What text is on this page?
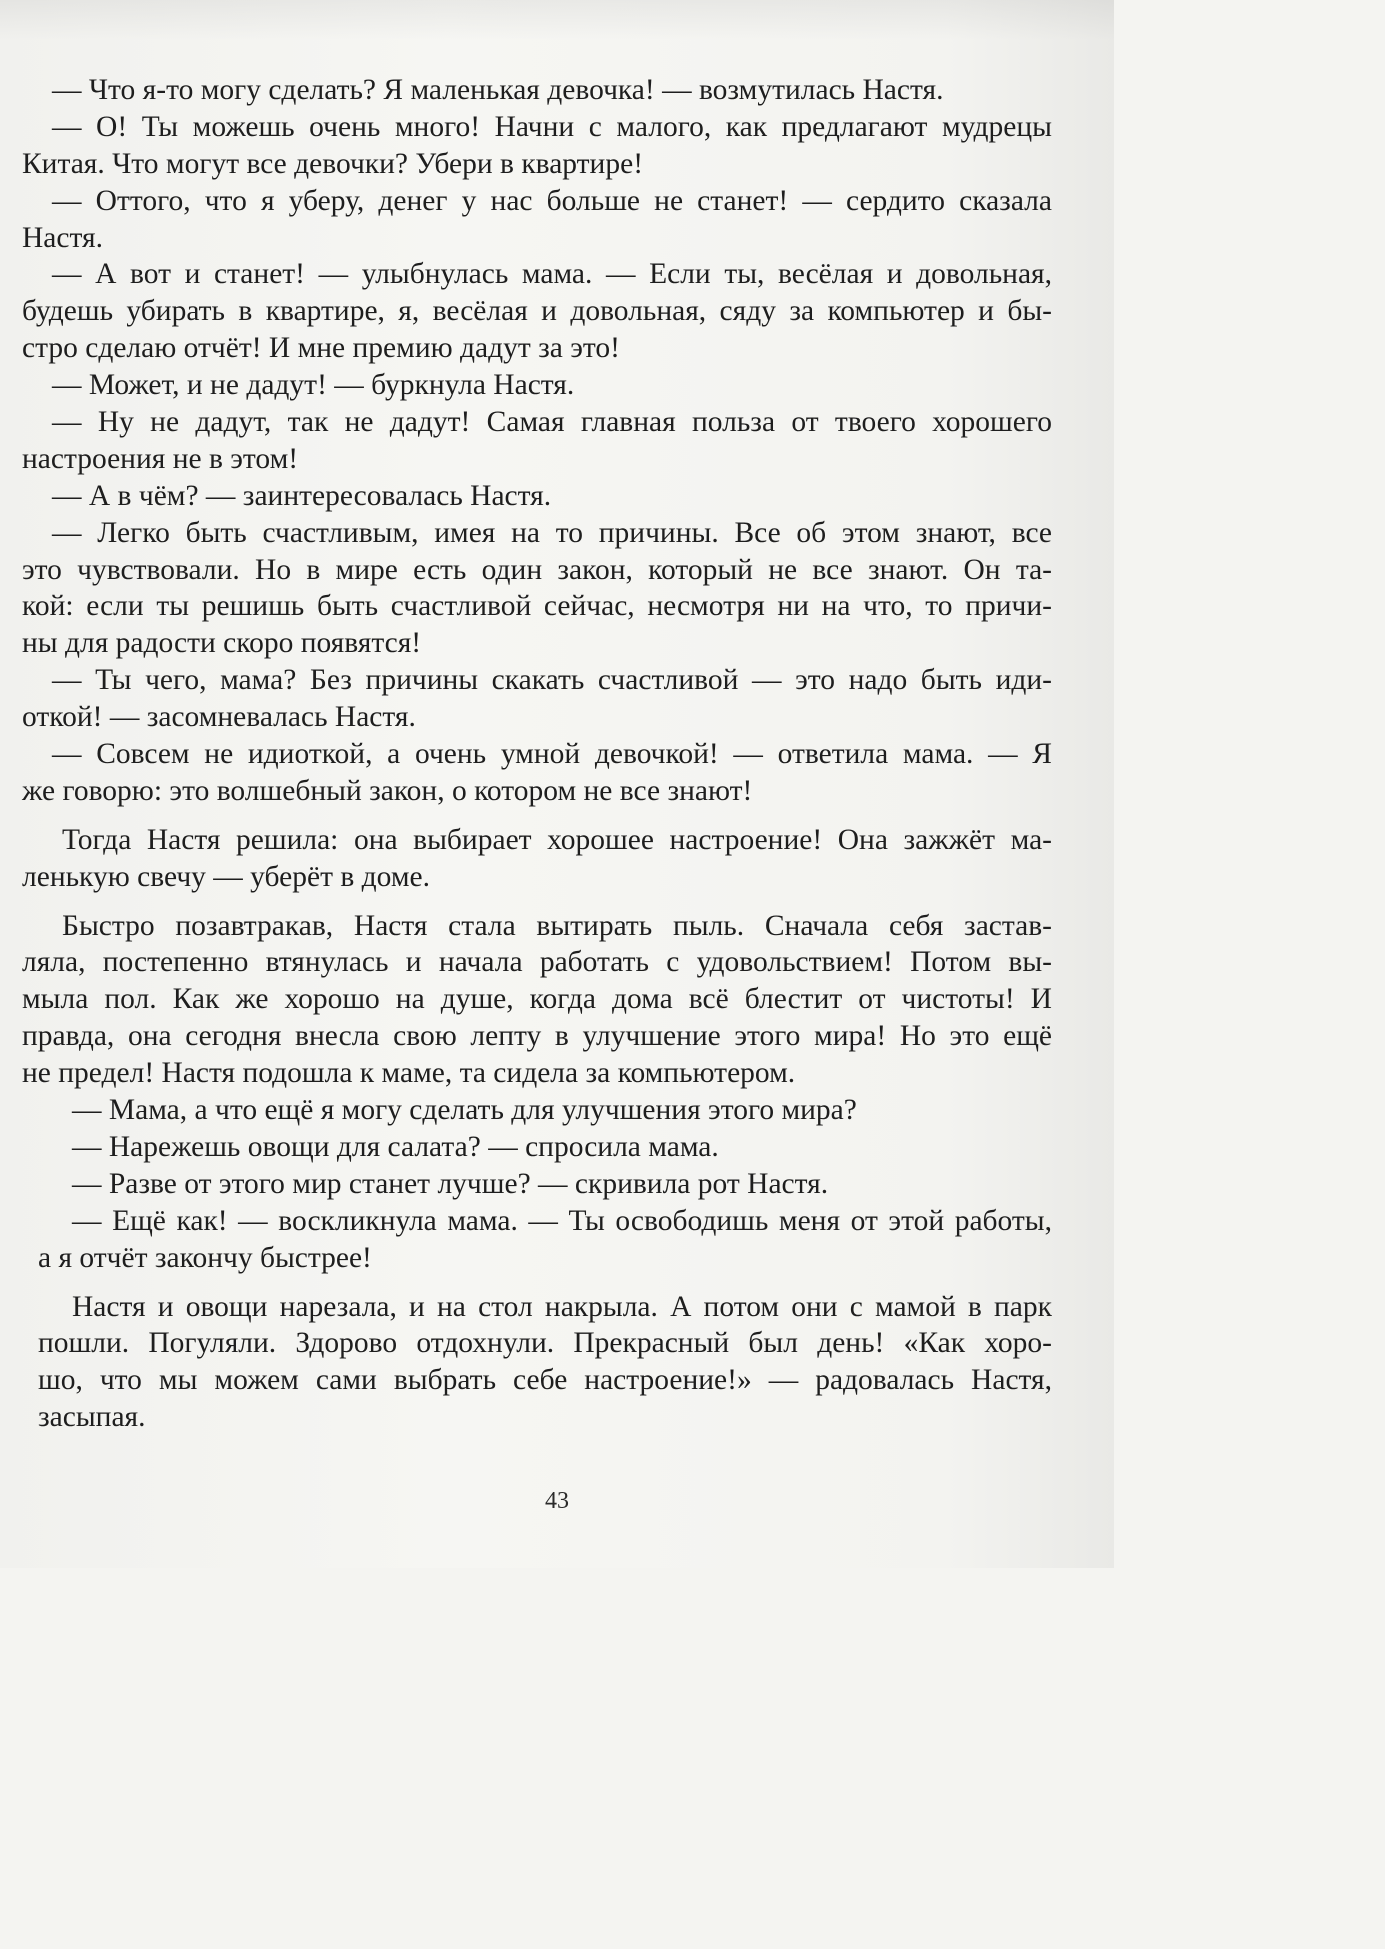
— Что я-то могу сделать? Я маленькая девочка! — возмутилась Настя.
— О! Ты можешь очень много! Начни с малого, как предлагают мудрецы
Китая. Что могут все девочки? Убери в квартире!
— Оттого, что я уберу, денег у нас больше не станет! — сердито сказала
Настя.
— А вот и станет! — улыбнулась мама. — Если ты, весёлая и довольная,
будешь убирать в квартире, я, весёлая и довольная, сяду за компьютер и бы-
стро сделаю отчёт! И мне премию дадут за это!
— Может, и не дадут! — буркнула Настя.
— Ну не дадут, так не дадут! Самая главная польза от твоего хорошего
настроения не в этом!
— А в чём? — заинтересовалась Настя.
— Легко быть счастливым, имея на то причины. Все об этом знают, все
это чувствовали. Но в мире есть один закон, который не все знают. Он та-
кой: если ты решишь быть счастливой сейчас, несмотря ни на что, то причи-
ны для радости скоро появятся!
— Ты чего, мама? Без причины скакать счастливой — это надо быть иди-
откой! — засомневалась Настя.
— Совсем не идиоткой, а очень умной девочкой! — ответила мама. — Я
же говорю: это волшебный закон, о котором не все знают!
Тогда Настя решила: она выбирает хорошее настроение! Она зажжёт ма-
ленькую свечу — уберёт в доме.
Быстро позавтракав, Настя стала вытирать пыль. Сначала себя застав-
ляла, постепенно втянулась и начала работать с удовольствием! Потом вы-
мыла пол. Как же хорошо на душе, когда дома всё блестит от чистоты! И
правда, она сегодня внесла свою лепту в улучшение этого мира! Но это ещё
не предел! Настя подошла к маме, та сидела за компьютером.
— Мама, а что ещё я могу сделать для улучшения этого мира?
— Нарежешь овощи для салата? — спросила мама.
— Разве от этого мир станет лучше? — скривила рот Настя.
— Ещё как! — воскликнула мама. — Ты освободишь меня от этой работы,
а я отчёт закончу быстрее!
Настя и овощи нарезала, и на стол накрыла. А потом они с мамой в парк
пошли. Погуляли. Здорово отдохнули. Прекрасный был день! «Как хоро-
шо, что мы можем сами выбрать себе настроение!» — радовалась Настя,
засыпая.
43
